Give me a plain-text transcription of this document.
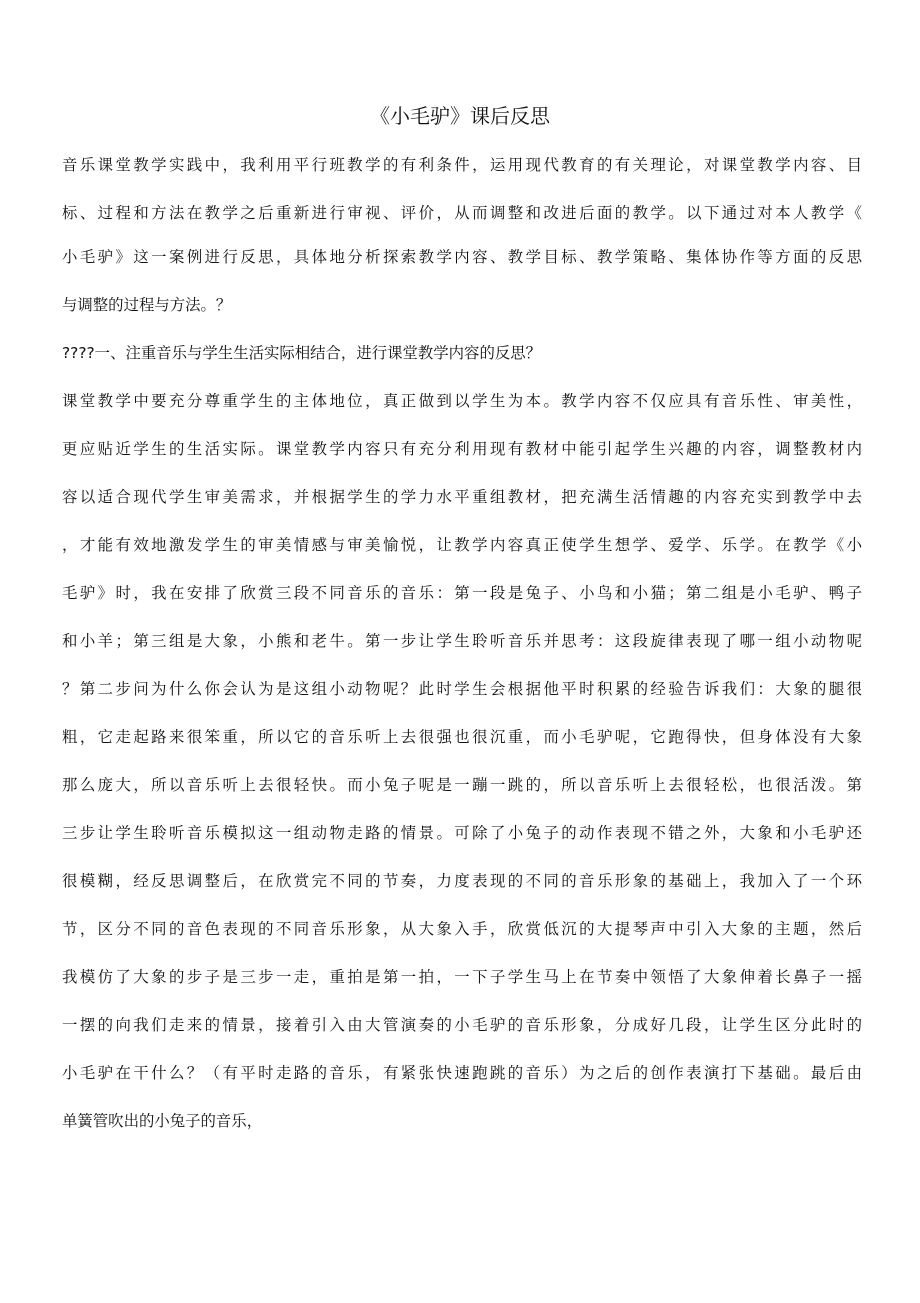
《小毛驴》课后反思
音乐课堂教学实践中，我利用平行班教学的有利条件，运用现代教育的有关理论，对课堂教学内容、目
标、过程和方法在教学之后重新进行审视、评价，从而调整和改进后面的教学。以下通过对本人教学《
小毛驴》这一案例进行反思，具体地分析探索教学内容、教学目标、教学策略、集体协作等方面的反思
与调整的过程与方法。？
????一、注重音乐与学生生活实际相结合，进行课堂教学内容的反思？
课堂教学中要充分尊重学生的主体地位，真正做到以学生为本。教学内容不仅应具有音乐性、审美性，
更应贴近学生的生活实际。课堂教学内容只有充分利用现有教材中能引起学生兴趣的内容，调整教材内
容以适合现代学生审美需求，并根据学生的学力水平重组教材，把充满生活情趣的内容充实到教学中去
，才能有效地激发学生的审美情感与审美愉悦，让教学内容真正使学生想学、爱学、乐学。在教学《小
毛驴》时，我在安排了欣赏三段不同音乐的音乐：第一段是兔子、小鸟和小猫；第二组是小毛驴、鸭子
和小羊；第三组是大象，小熊和老牛。第一步让学生聆听音乐并思考：这段旋律表现了哪一组小动物呢
？第二步问为什么你会认为是这组小动物呢？此时学生会根据他平时积累的经验告诉我们：大象的腿很
粗，它走起路来很笨重，所以它的音乐听上去很强也很沉重，而小毛驴呢，它跑得快，但身体没有大象
那么庞大，所以音乐听上去很轻快。而小兔子呢是一蹦一跳的，所以音乐听上去很轻松，也很活泼。第
三步让学生聆听音乐模拟这一组动物走路的情景。可除了小兔子的动作表现不错之外，大象和小毛驴还
很模糊，经反思调整后，在欣赏完不同的节奏，力度表现的不同的音乐形象的基础上，我加入了一个环
节，区分不同的音色表现的不同音乐形象，从大象入手，欣赏低沉的大提琴声中引入大象的主题，然后
我模仿了大象的步子是三步一走，重拍是第一拍，一下子学生马上在节奏中领悟了大象伸着长鼻子一摇
一摆的向我们走来的情景，接着引入由大管演奏的小毛驴的音乐形象，分成好几段，让学生区分此时的
小毛驴在干什么？（有平时走路的音乐，有紧张快速跑跳的音乐）为之后的创作表演打下基础。最后由
单簧管吹出的小兔子的音乐，
